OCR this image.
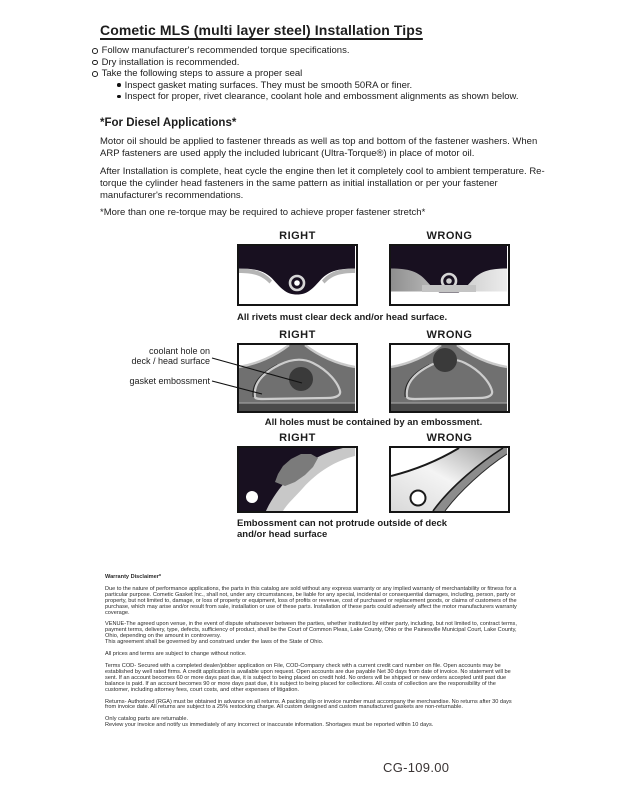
Cometic MLS (multi layer steel) Installation Tips
Follow manufacturer's recommended torque specifications.
Dry installation is recommended.
Take the following steps to assure a proper seal
Inspect gasket mating surfaces. They must be smooth 50RA or finer.
Inspect for proper, rivet clearance, coolant hole and embossment alignments as shown below.
*For Diesel Applications*
Motor oil should be applied to fastener threads as well as top and bottom of the fastener washers. When ARP fasteners are used apply the included lubricant (Ultra-Torque®) in place of motor oil.
After Installation is complete, heat cycle the engine then let it completely cool to ambient temperature. Re-torque the cylinder head fasteners in the same pattern as initial installation or per your fastener manufacturer's recommendations.
*More than one re-torque may be required to achieve proper fastener stretch*
RIGHT	WRONG
All rivets must clear deck and/or head surface.
RIGHT	WRONG
coolant hole on
deck / head surface
gasket embossment
All holes must be contained by an embossment.
RIGHT	WRONG
Embossment can not protrude outside of deck and/or head surface
Warranty Disclaimer*
Due to the nature of performance applications, the parts in this catalog are sold without any express warranty or any implied warranty of merchantability or fitness for a particular purpose. Cometic Gasket Inc., shall not, under any circumstances, be liable for any special, incidental or consequential damages, including, person, party or property, but not limited to, damage, or loss of property or equipment, loss of profits or revenue, cost of purchased or replacement goods, or claims of customers of the purchase, which may arise and/or result from sale, installation or use of these parts. Installation of these parts could adversely affect the motor manufacturers warranty coverage.
VENUE-The agreed upon venue, in the event of dispute whatsoever between the parties, whether instituted by either party, including, but not limited to, contract terms, payment terms, delivery, type, defects, sufficiency of product, shall be the Court of Common Pleas, Lake County, Ohio or the Painesville Municipal Court, Lake County, Ohio, depending on the amount in controversy.
This agreement shall be governed by and construed under the laws of the State of Ohio.
All prices and terms are subject to change without notice.
Terms COD- Secured with a completed dealer/jobber application on File, COD-Company check with a current credit card number on file. Open accounts may be established by well rated firms. A credit application is available upon request. Open accounts are due payable Net 30 days from date of invoice. No statement will be sent. If an account becomes 60 or more days past due, it is subject to being placed on credit hold. No orders will be shipped or new orders accepted until past due balance is paid. If an account becomes 90 or more days past due, it is subject to being placed for collections. All costs of collection are the responsibility of the customer, including attorney fees, court costs, and other expenses of litigation.
Returns- Authorized (RGA) must be obtained in advance on all returns. A packing slip or invoice number must accompany the merchandise. No returns after 30 days from invoice date. All returns are subject to a 25% restocking charge. All custom designed and custom manufactured gaskets are non-returnable.
Only catalog parts are returnable.
Review your invoice and notify us immediately of any incorrect or inaccurate information. Shortages must be reported within 10 days.
CG-109.00
